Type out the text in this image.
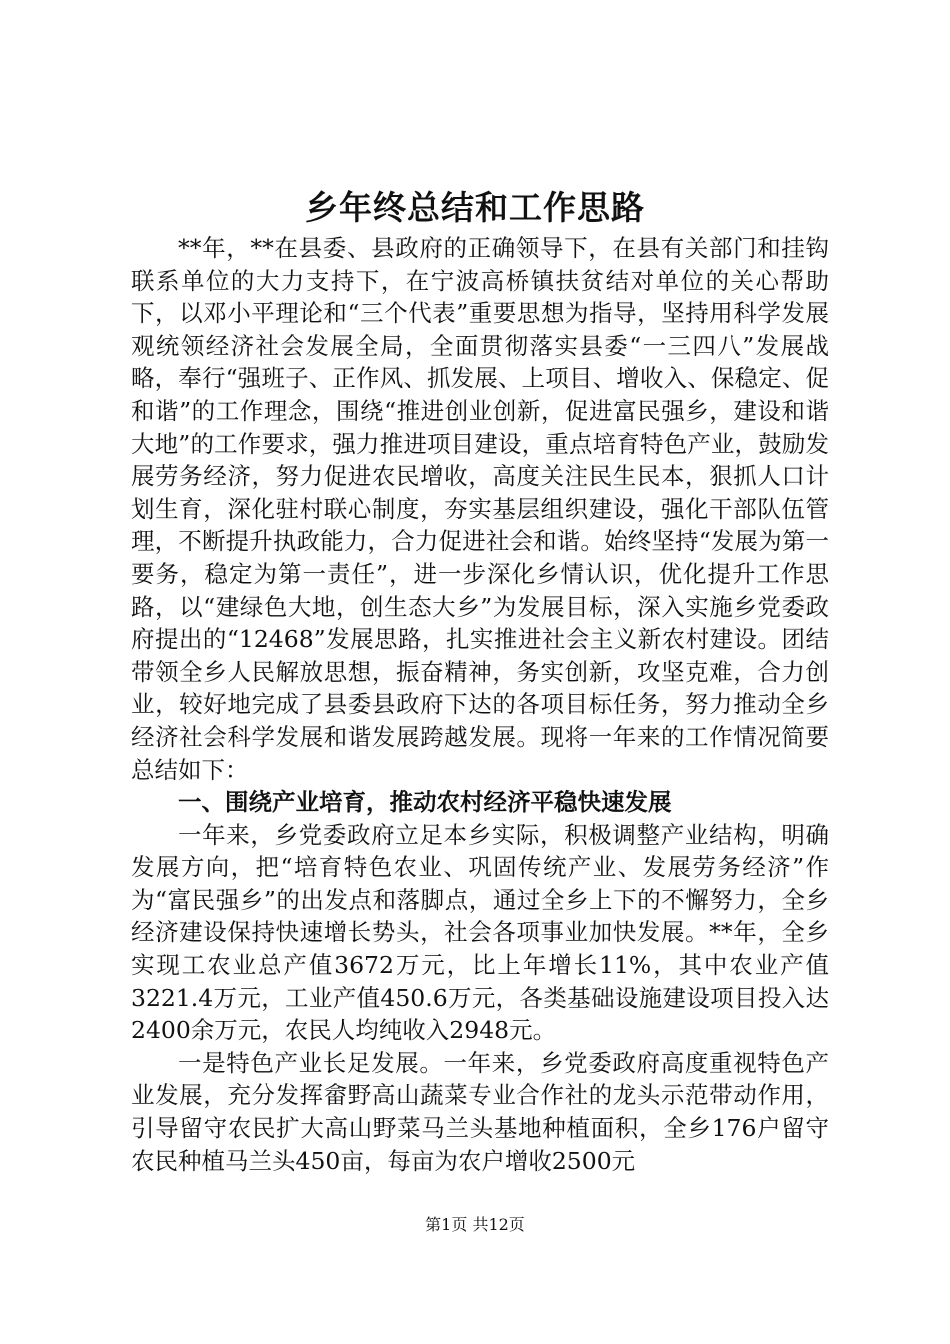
乡年终总结和工作思路

**年，**在县委、县政府的正确领导下，在县有关部门和挂钩联系单位的大力支持下，在宁波高桥镇扶贫结对单位的关心帮助下，以邓小平理论和“三个代表”重要思想为指导，坚持用科学发展观统领经济社会发展全局，全面贯彻落实县委“一三四八”发展战略，奉行“强班子、正作风、抓发展、上项目、增收入、保稳定、促和谐”的工作理念，围绕“推进创业创新，促进富民强乡，建设和谐大地”的工作要求，强力推进项目建设，重点培育特色产业，鼓励发展劳务经济，努力促进农民增收，高度关注民生民本，狠抓人口计划生育，深化驻村联心制度，夯实基层组织建设，强化干部队伍管理，不断提升执政能力，合力促进社会和谐。始终坚持“发展为第一要务，稳定为第一责任”，进一步深化乡情认识，优化提升工作思路，以“建绿色大地，创生态大乡”为发展目标，深入实施乡党委政府提出的“12468”发展思路，扎实推进社会主义新农村建设。团结带领全乡人民解放思想，振奋精神，务实创新，攻坚克难，合力创业，较好地完成了县委县政府下达的各项目标任务，努力推动全乡经济社会科学发展和谐发展跨越发展。现将一年来的工作情况简要总结如下：

一、围绕产业培育，推动农村经济平稳快速发展

一年来，乡党委政府立足本乡实际，积极调整产业结构，明确发展方向，把“培育特色农业、巩固传统产业、发展劳务经济”作为“富民强乡”的出发点和落脚点，通过全乡上下的不懈努力，全乡经济建设保持快速增长势头，社会各项事业加快发展。**年，全乡实现工农业总产值3672万元，比上年增长11%，其中农业产值3221.4万元，工业产值450.6万元，各类基础设施建设项目投入达2400余万元，农民人均纯收入2948元。

一是特色产业长足发展。一年来，乡党委政府高度重视特色产业发展，充分发挥畲野高山蔬菜专业合作社的龙头示范带动作用，引导留守农民扩大高山野菜马兰头基地种植面积，全乡176户留守农民种植马兰头450亩，每亩为农户增收2500元

第1页 共12页
